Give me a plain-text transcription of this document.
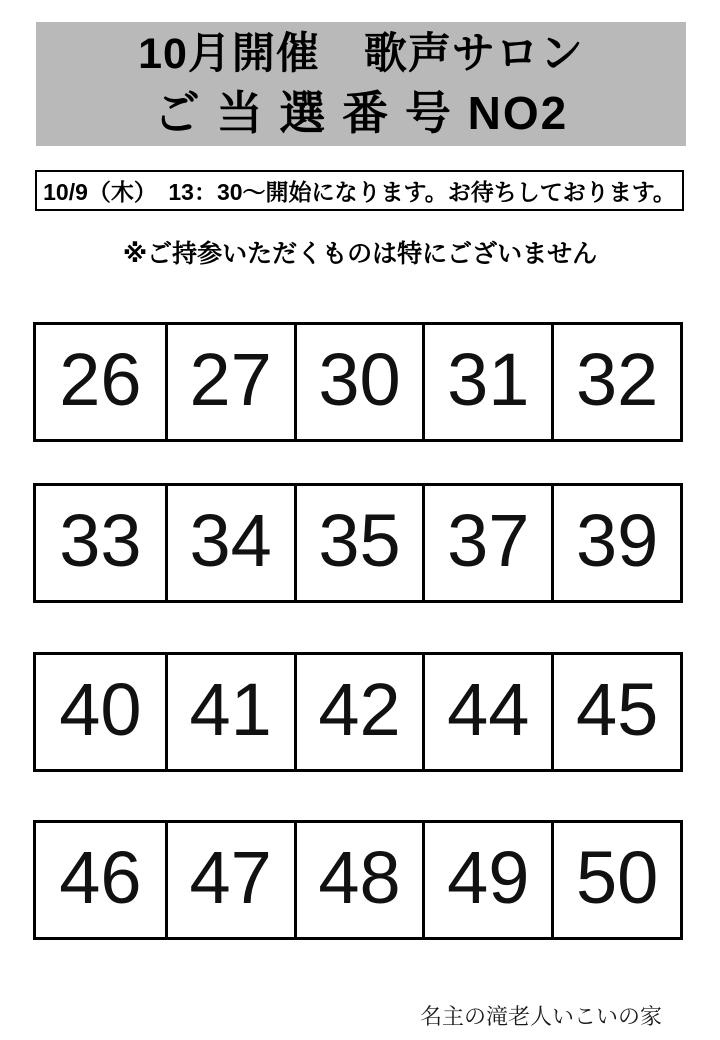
10月開催　歌声サロン
ご 当 選 番 号 NO2
10/9（木）　13：30〜開始になります。お待ちしております。
※ご持参いただくものは特にございません
26 27 30 31 32
33 34 35 37 39
40 41 42 44 45
46 47 48 49 50
名主の滝老人いこいの家
